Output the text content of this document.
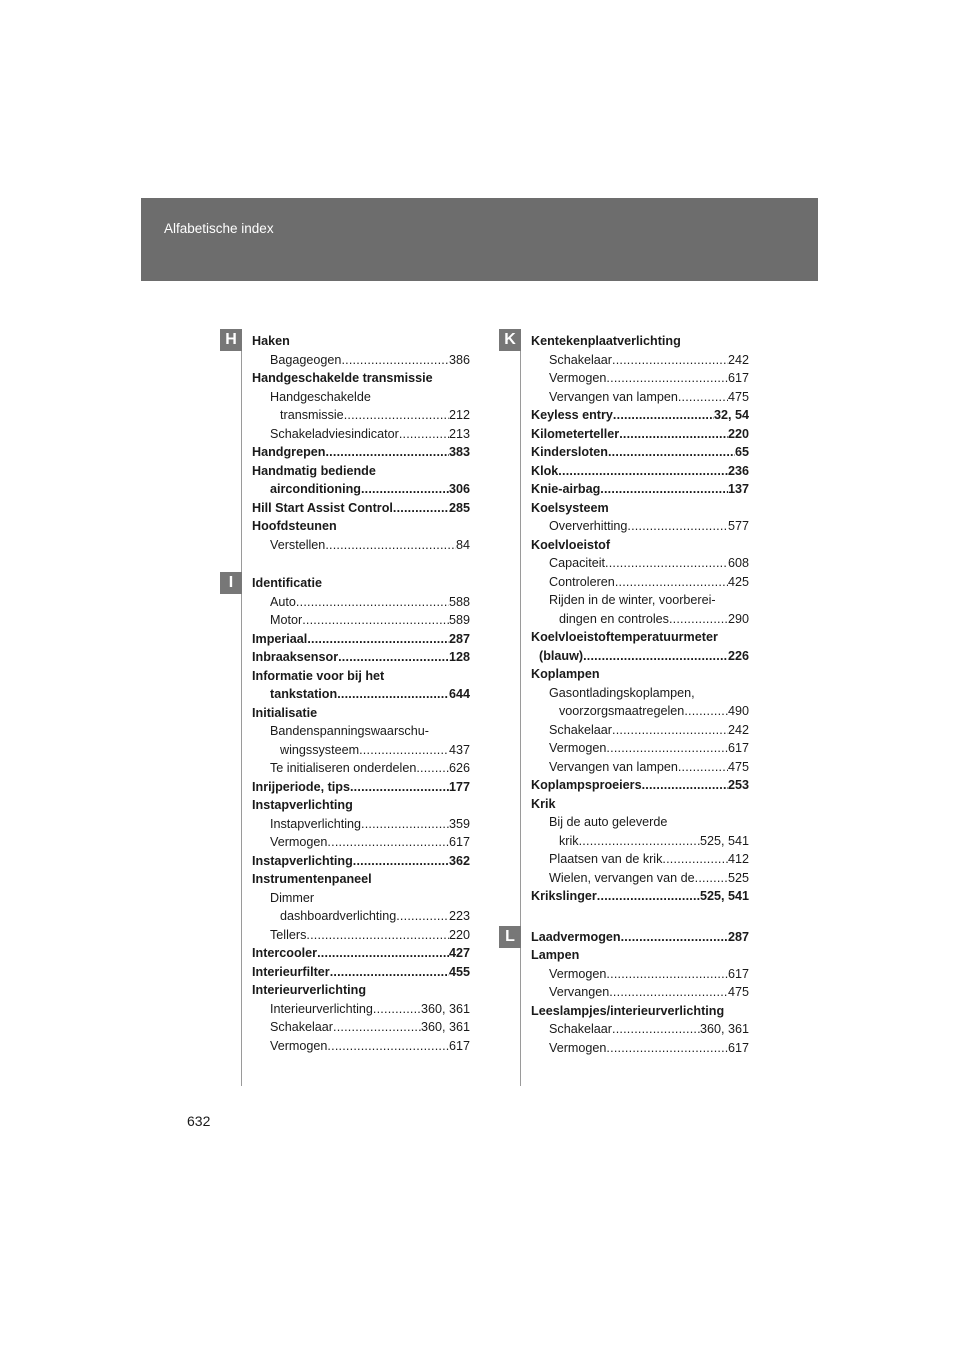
Alfabetische index
H
I
K
L
Haken
Bagageogen .....	386
Handgeschakelde transmissie
Handgeschakelde
transmissie .....	212
Schakeladviesindicator .....	213
Handgrepen .....	383
Handmatig bediende
airconditioning .....	306
Hill Start Assist Control .....	285
Hoofdsteunen
Verstellen .....	84
Identificatie
Auto .....	588
Motor .....	589
Imperiaal .....	287
Inbraaksensor .....	128
Informatie voor bij het
tankstation .....	644
Initialisatie
Bandenspanningswaarschu-
wingssysteem .....	437
Te initialiseren onderdelen .....	626
Inrijperiode, tips .....	177
Instapverlichting
Instapverlichting .....	359
Vermogen .....	617
Instapverlichting .....	362
Instrumentenpaneel
Dimmer
dashboardverlichting .....	223
Tellers .....	220
Intercooler .....	427
Interieurfilter .....	455
Interieurverlichting
Interieurverlichting .....	360, 361
Schakelaar .....	360, 361
Vermogen .....	617
Kentekenplaatverlichting
Schakelaar .....	242
Vermogen .....	617
Vervangen van lampen .....	475
Keyless entry .....	32, 54
Kilometerteller .....	220
Kindersloten .....	65
Klok .....	236
Knie-airbag .....	137
Koelsysteem
Oververhitting .....	577
Koelvloeistof
Capaciteit .....	608
Controleren .....	425
Rijden in de winter, voorberei-
dingen en controles .....	290
Koelvloeistoftemperatuurmeter
(blauw) .....	226
Koplampen
Gasontladingskoplampen,
voorzorgsmaatregelen .....	490
Schakelaar .....	242
Vermogen .....	617
Vervangen van lampen .....	475
Koplampsproeiers .....	253
Krik
Bij de auto geleverde
krik .....	525, 541
Plaatsen van de krik .....	412
Wielen, vervangen van de .....	525
Krikslinger .....	525, 541
Laadvermogen .....	287
Lampen
Vermogen .....	617
Vervangen .....	475
Leeslampjes/interieurverlichting
Schakelaar .....	360, 361
Vermogen .....	617
632
